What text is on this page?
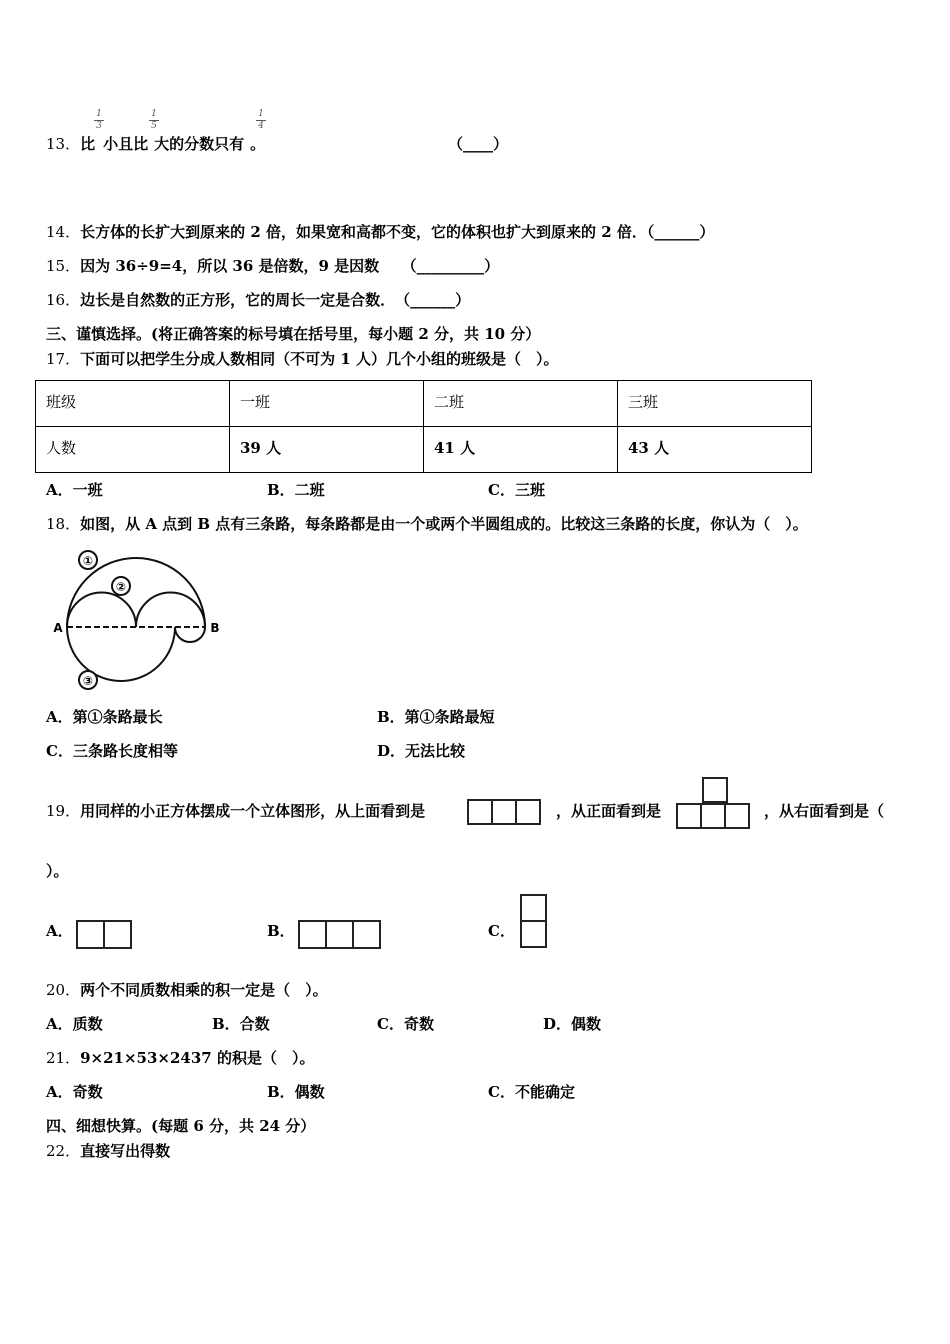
13．比 小且比 大的分数只有 。
1
3
1
5
1
4
（____）
14．长方体的长扩大到原来的 2 倍，如果宽和高都不变，它的体积也扩大到原来的 2 倍．（______）
15．因为 36÷9=4，所以 36 是倍数，9 是因数　　（_________）
16．边长是自然数的正方形，它的周长一定是合数．　（______）
三、谨慎选择。(将正确答案的标号填在括号里，每小题 2 分，共 10 分）
17．下面可以把学生分成人数相同（不可为 1 人）几个小组的班级是（　）。
班级	一班	二班	三班
人数	39 人	41 人	43 人
A．一班	B．二班	C．三班
18．如图，从 A 点到 B 点有三条路，每条路都是由一个或两个半圆组成的。比较这三条路的长度，你认为（　）。
①
②
③
A	B
A．第①条路最长	B．第①条路最短
C．三条路长度相等	D．无法比较
19．用同样的小正方体摆成一个立体图形，从上面看到是	，从正面看到是	，从右面看到是（
）。
A．	B．	C．
20．两个不同质数相乘的积一定是（　）。
A．质数	B．合数	C．奇数	D．偶数
21．9×21×53×2437 的积是（　）。
A．奇数	B．偶数	C．不能确定
四、细想快算。(每题 6 分，共 24 分）
22．直接写出得数
